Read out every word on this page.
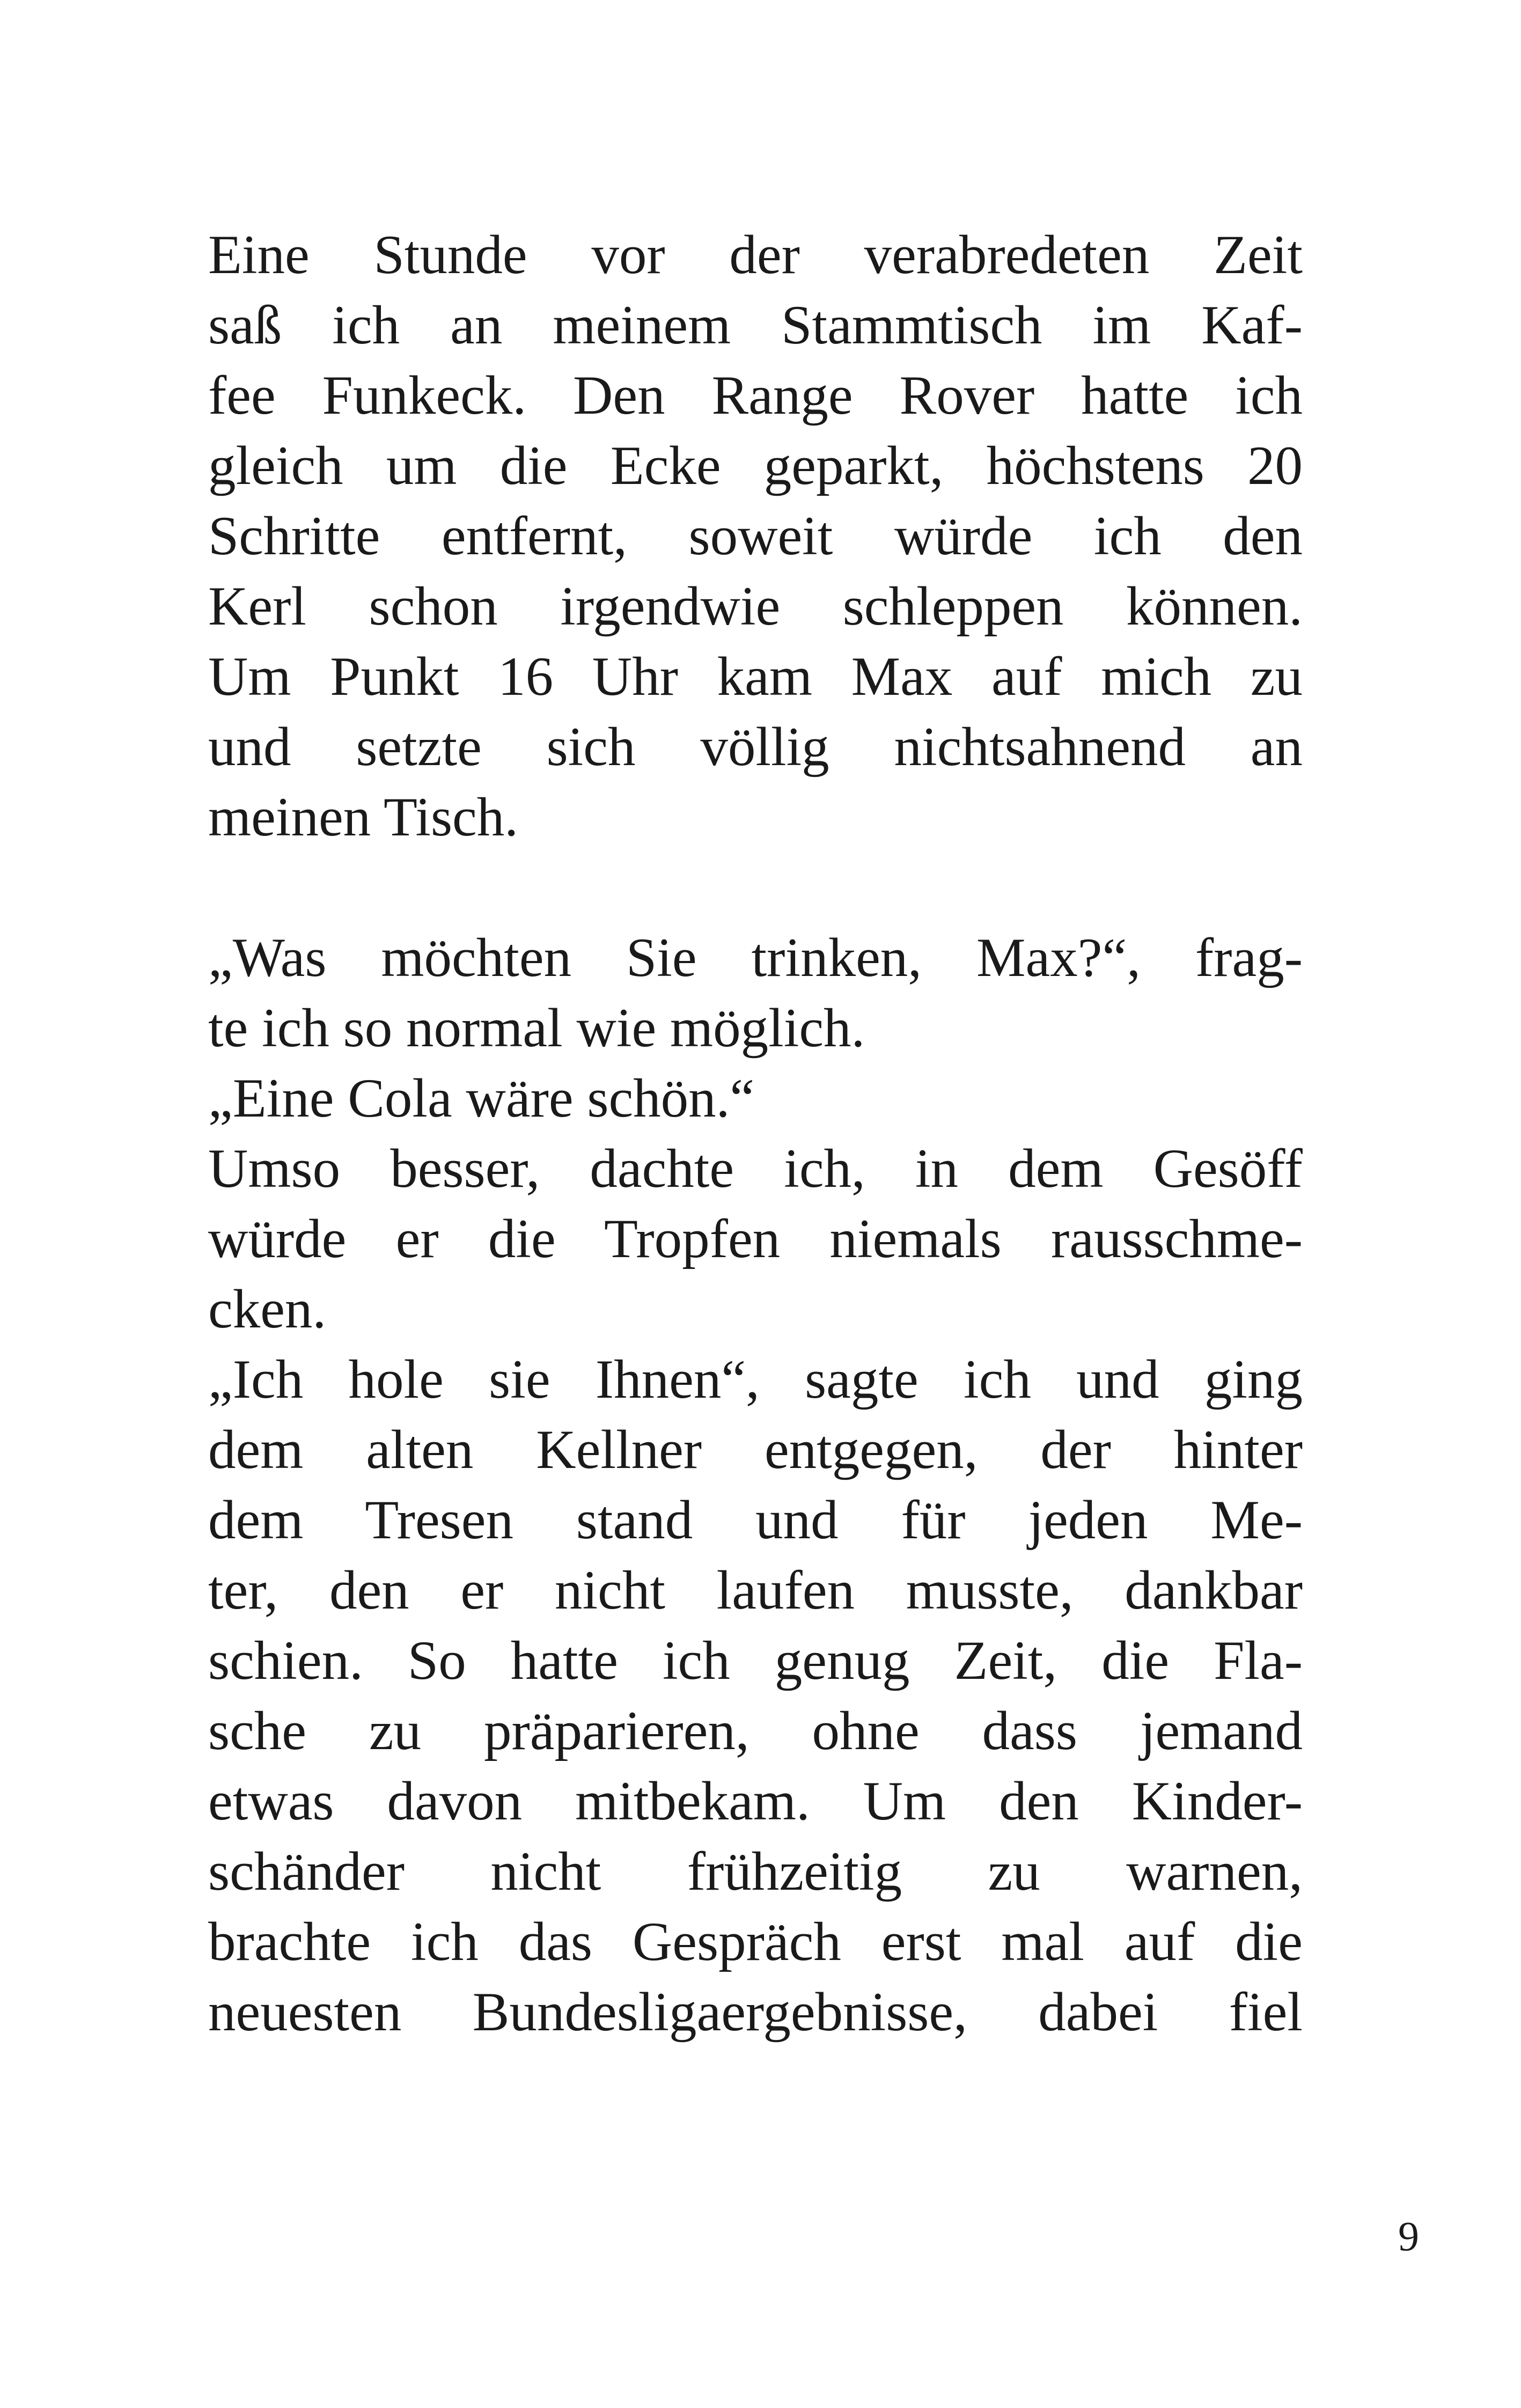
Eine Stunde vor der verabredeten Zeit
saß ich an meinem Stammtisch im Kaf-
fee Funkeck. Den Range Rover hatte ich
gleich um die Ecke geparkt, höchstens 20
Schritte entfernt, soweit würde ich den
Kerl schon irgendwie schleppen können.
Um Punkt 16 Uhr kam Max auf mich zu
und setzte sich völlig nichtsahnend an
meinen Tisch.
„Was möchten Sie trinken, Max?“, frag-
te ich so normal wie möglich.
„Eine Cola wäre schön.“
Umso besser, dachte ich, in dem Gesöff
würde er die Tropfen niemals rausschme-
cken.
„Ich hole sie Ihnen“, sagte ich und ging
dem alten Kellner entgegen, der hinter
dem Tresen stand und für jeden Me-
ter, den er nicht laufen musste, dankbar
schien. So hatte ich genug Zeit, die Fla-
sche zu präparieren, ohne dass jemand
etwas davon mitbekam. Um den Kinder-
schänder nicht frühzeitig zu warnen,
brachte ich das Gespräch erst mal auf die
neuesten Bundesligaergebnisse, dabei fiel
9
